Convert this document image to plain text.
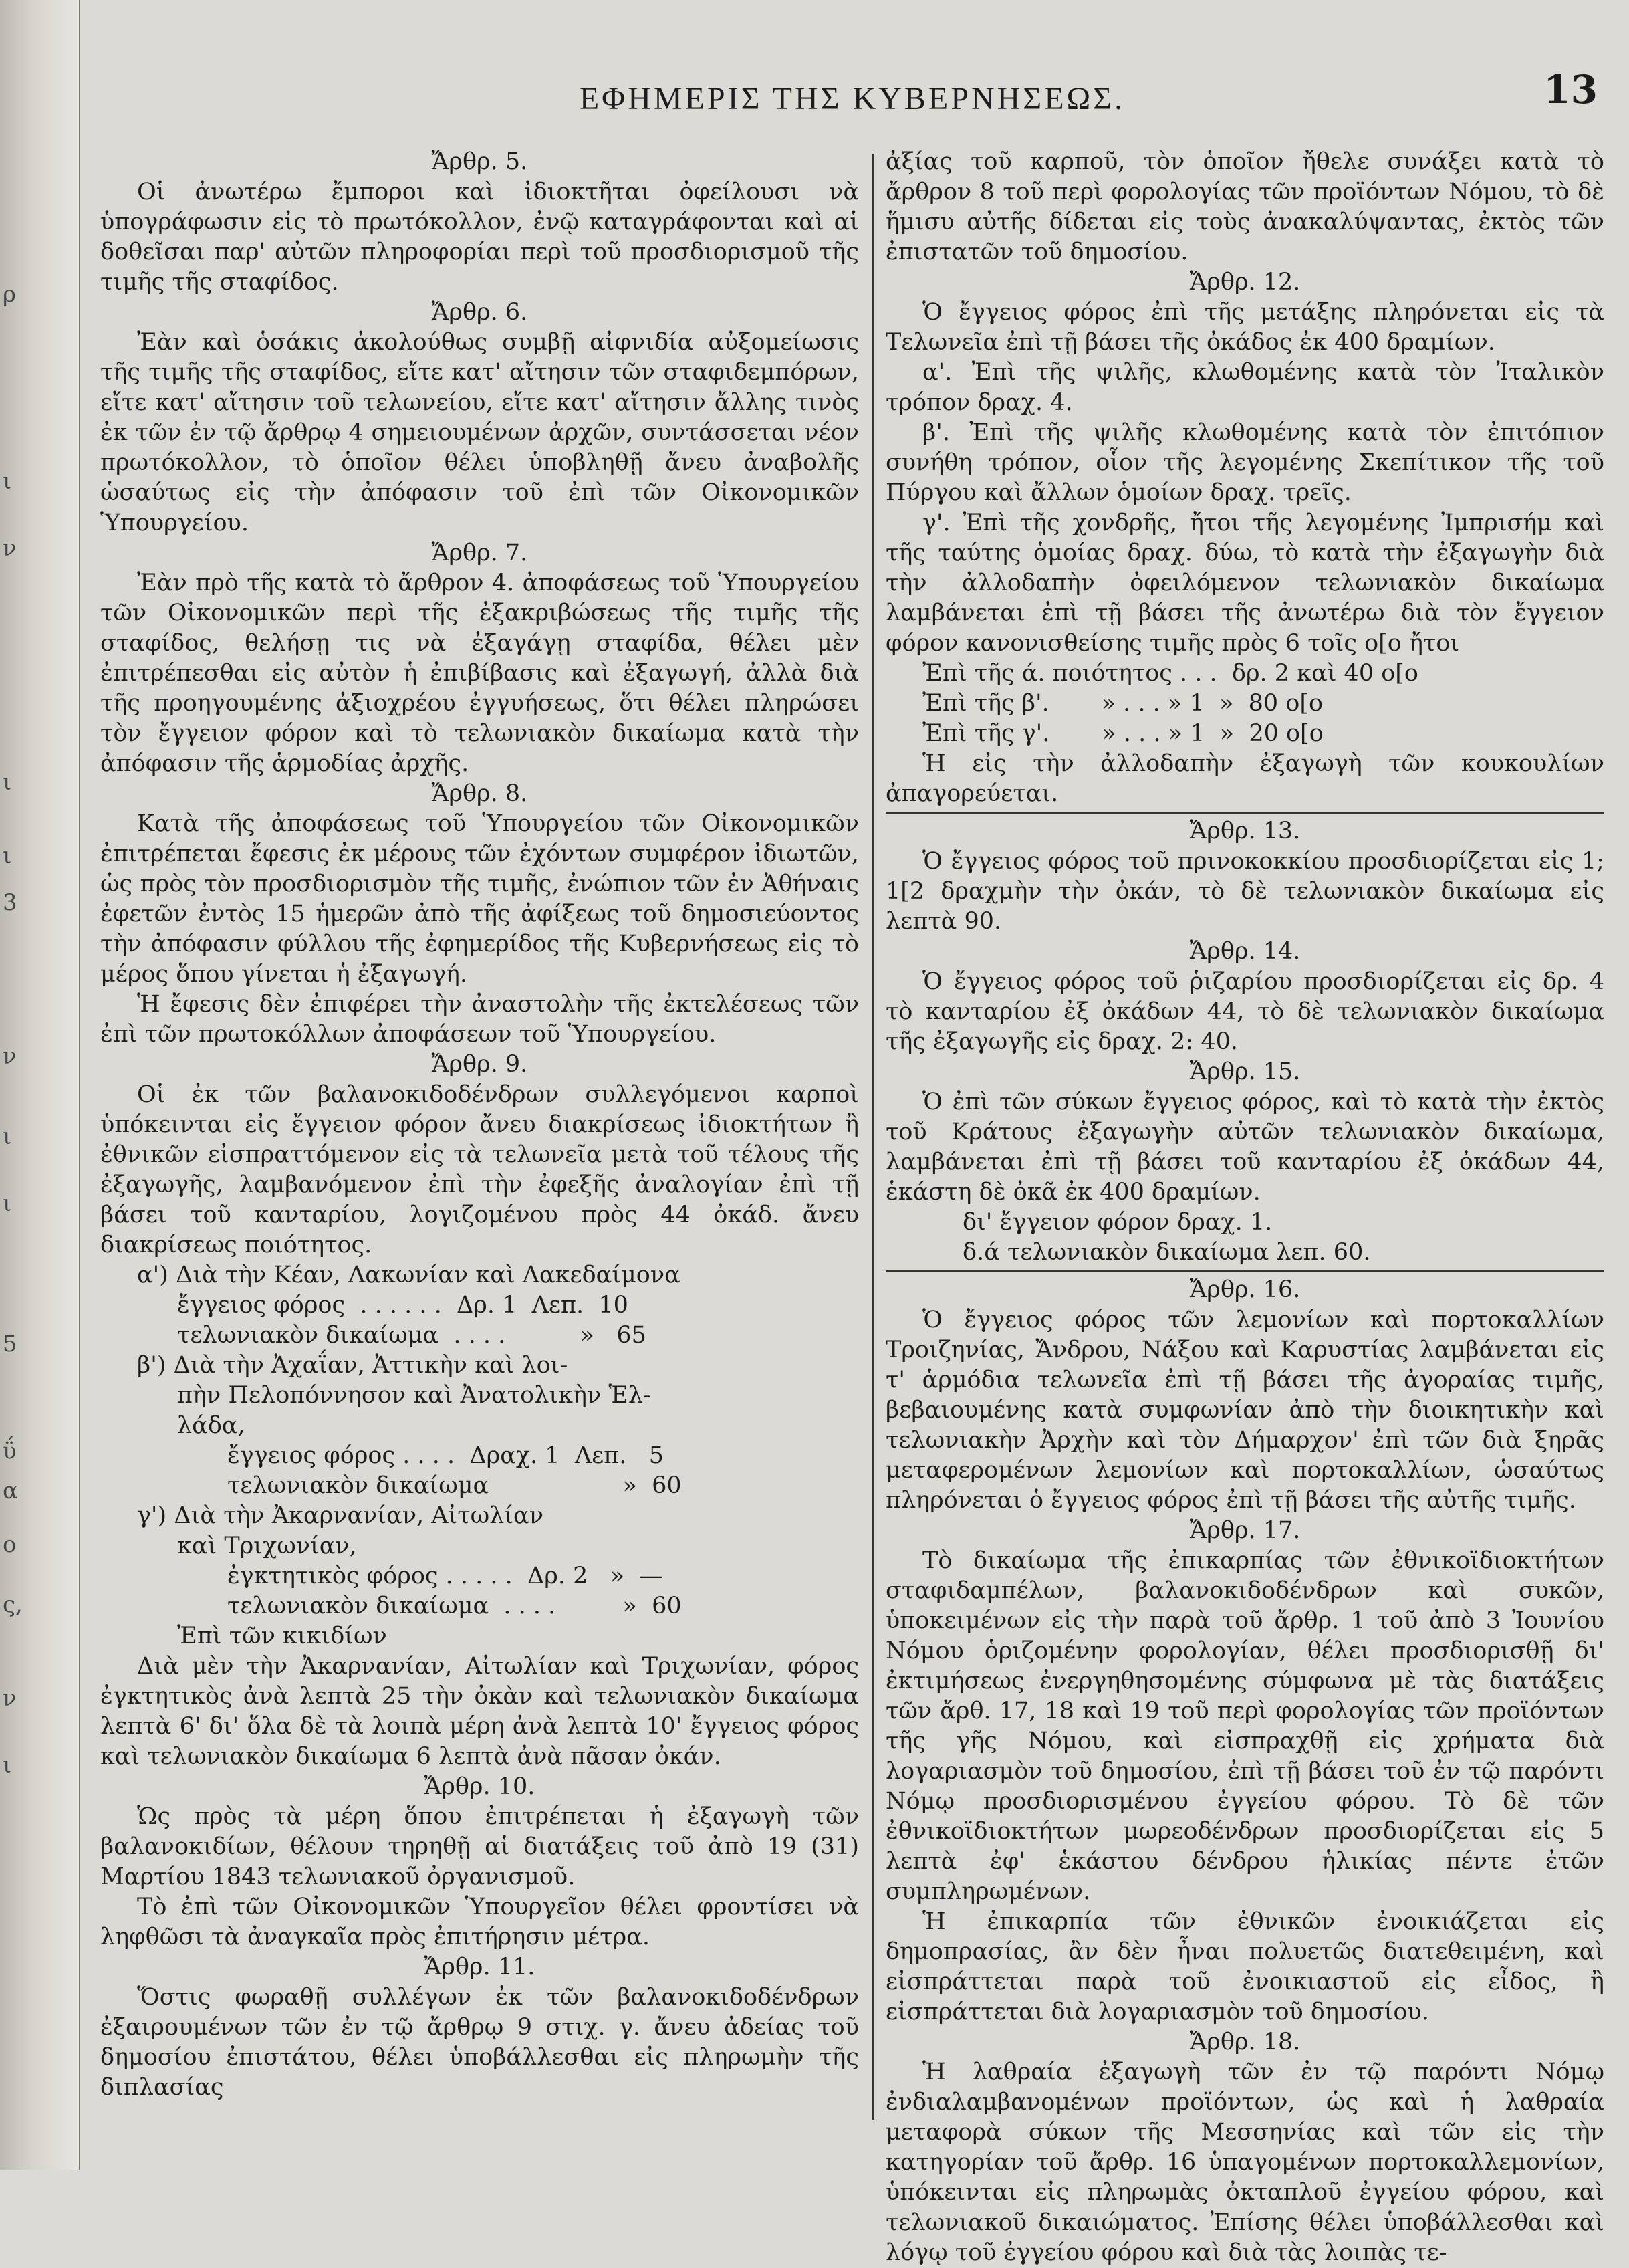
ρ
ι
ν
ι
ι
3
ν
ι
ι
5
ΰ
α
ο
ς,
ν
ι
ΕΦΗΜΕΡΙΣ ΤΗΣ ΚΥΒΕΡΝΗΣΕΩΣ.	13

Ἄρθρ. 5.

Οἱ ἀνωτέρω ἔμποροι καὶ ἰδιοκτῆται ὀφείλουσι νὰ ὑπογράφωσιν εἰς τὸ πρωτόκολλον, ἐνῷ καταγράφονται καὶ αἱ δοθεῖσαι παρ' αὐτῶν πληροφορίαι περὶ τοῦ προσδιορισμοῦ τῆς τιμῆς τῆς σταφίδος.

Ἄρθρ. 6.

Ἐὰν καὶ ὁσάκις ἀκολούθως συμβῇ αἰφνιδία αὐξομείωσις τῆς τιμῆς τῆς σταφίδος, εἴτε κατ' αἴτησιν τῶν σταφιδεμπόρων, εἴτε κατ' αἴτησιν τοῦ τελωνείου, εἴτε κατ' αἴτησιν ἄλλης τινὸς ἐκ τῶν ἐν τῷ ἄρθρῳ 4 σημειουμένων ἀρχῶν, συντάσσεται νέον πρωτόκολλον, τὸ ὁποῖον θέλει ὑποβληθῇ ἄνευ ἀναβολῆς ὡσαύτως εἰς τὴν ἀπόφασιν τοῦ ἐπὶ τῶν Οἰκονομικῶν Ὑπουργείου.

Ἄρθρ. 7.

Ἐὰν πρὸ τῆς κατὰ τὸ ἄρθρον 4. ἀποφάσεως τοῦ Ὑπουργείου τῶν Οἰκονομικῶν περὶ τῆς ἐξακριβώσεως τῆς τιμῆς τῆς σταφίδος, θελήσῃ τις νὰ ἐξαγάγῃ σταφίδα, θέλει μὲν ἐπιτρέπεσθαι εἰς αὐτὸν ἡ ἐπιβίβασις καὶ ἐξαγωγή, ἀλλὰ διὰ τῆς προηγουμένης ἀξιοχρέου ἐγγυήσεως, ὅτι θέλει πληρώσει τὸν ἔγγειον φόρον καὶ τὸ τελωνιακὸν δικαίωμα κατὰ τὴν ἀπόφασιν τῆς ἁρμοδίας ἀρχῆς.

Ἄρθρ. 8.

Κατὰ τῆς ἀποφάσεως τοῦ Ὑπουργείου τῶν Οἰκονομικῶν ἐπιτρέπεται ἔφεσις ἐκ μέρους τῶν ἐχόντων συμφέρον ἰδιωτῶν, ὡς πρὸς τὸν προσδιορισμὸν τῆς τιμῆς, ἐνώπιον τῶν ἐν Ἀθήναις ἐφετῶν ἐντὸς 15 ἡμερῶν ἀπὸ τῆς ἀφίξεως τοῦ δημοσιεύοντος τὴν ἀπόφασιν φύλλου τῆς ἐφημερίδος τῆς Κυβερνήσεως εἰς τὸ μέρος ὅπου γίνεται ἡ ἐξαγωγή.

Ἡ ἔφεσις δὲν ἐπιφέρει τὴν ἀναστολὴν τῆς ἐκτελέσεως τῶν ἐπὶ τῶν πρωτοκόλλων ἀποφάσεων τοῦ Ὑπουργείου.

Ἄρθρ. 9.

Οἱ ἐκ τῶν βαλανοκιδοδένδρων συλλεγόμενοι καρποὶ ὑπόκεινται εἰς ἔγγειον φόρον ἄνευ διακρίσεως ἰδιοκτήτων ἢ ἐθνικῶν εἰσπραττόμενον εἰς τὰ τελωνεῖα μετὰ τοῦ τέλους τῆς ἐξαγωγῆς, λαμβανόμενον ἐπὶ τὴν ἐφεξῆς ἀναλογίαν ἐπὶ τῇ βάσει τοῦ κανταρίου, λογιζομένου πρὸς 44 ὀκάδ. ἄνευ διακρίσεως ποιότητος.

α') Διὰ τὴν Κέαν, Λακωνίαν καὶ Λακεδαίμονα

ἔγγειος φόρος  . . . . . .  Δρ. 1  Λεπ.  10

τελωνιακὸν δικαίωμα  . . . .          »   65

β') Διὰ τὴν Ἀχαΐαν, Ἀττικὴν καὶ λοι-

πὴν Πελοπόννησον καὶ Ἀνατολικὴν Ἑλ-

λάδα,

ἔγγειος φόρος . . . .  Δραχ. 1  Λεπ.   5

τελωνιακὸν δικαίωμα                  »  60

γ') Διὰ τὴν Ἀκαρνανίαν, Αἰτωλίαν

καὶ Τριχωνίαν,

ἐγκτητικὸς φόρος . . . . .  Δρ. 2   »  —

τελωνιακὸν δικαίωμα  . . . .         »  60

Ἐπὶ τῶν κικιδίων

Διὰ μὲν τὴν Ἀκαρνανίαν, Αἰτωλίαν καὶ Τριχωνίαν, φόρος ἐγκτητικὸς ἀνὰ λεπτὰ 25 τὴν ὀκὰν καὶ τελωνιακὸν δικαίωμα λεπτὰ 6' δι' ὅλα δὲ τὰ λοιπὰ μέρη ἀνὰ λεπτὰ 10' ἔγγειος φόρος καὶ τελωνιακὸν δικαίωμα 6 λεπτὰ ἀνὰ πᾶσαν ὀκάν.

Ἄρθρ. 10.

Ὡς πρὸς τὰ μέρη ὅπου ἐπιτρέπεται ἡ ἐξαγωγὴ τῶν βαλανοκιδίων, θέλουν τηρηθῇ αἱ διατάξεις τοῦ ἀπὸ 19 (31) Μαρτίου 1843 τελωνιακοῦ ὀργανισμοῦ.

Τὸ ἐπὶ τῶν Οἰκονομικῶν Ὑπουργεῖον θέλει φροντίσει νὰ ληφθῶσι τὰ ἀναγκαῖα πρὸς ἐπιτήρησιν μέτρα.

Ἄρθρ. 11.

Ὅστις φωραθῇ συλλέγων ἐκ τῶν βαλανοκιδοδένδρων ἐξαιρουμένων τῶν ἐν τῷ ἄρθρῳ 9 στιχ. γ. ἄνευ ἀδείας τοῦ δημοσίου ἐπιστάτου, θέλει ὑποβάλλεσθαι εἰς πληρωμὴν τῆς διπλασίας

ἀξίας τοῦ καρποῦ, τὸν ὁποῖον ἤθελε συνάξει κατὰ τὸ ἄρθρον 8 τοῦ περὶ φορολογίας τῶν προϊόντων Νόμου, τὸ δὲ ἥμισυ αὐτῆς δίδεται εἰς τοὺς ἀνακαλύψαντας, ἐκτὸς τῶν ἐπιστατῶν τοῦ δημοσίου.

Ἄρθρ. 12.

Ὁ ἔγγειος φόρος ἐπὶ τῆς μετάξης πληρόνεται εἰς τὰ Τελωνεῖα ἐπὶ τῇ βάσει τῆς ὀκάδος ἐκ 400 δραμίων.

α'. Ἐπὶ τῆς ψιλῆς, κλωθομένης κατὰ τὸν Ἰταλικὸν τρόπον δραχ. 4.

β'. Ἐπὶ τῆς ψιλῆς κλωθομένης κατὰ τὸν ἐπιτόπιον συνήθη τρόπον, οἷον τῆς λεγομένης Σκεπίτικον τῆς τοῦ Πύργου καὶ ἄλλων ὁμοίων δραχ. τρεῖς.

γ'. Ἐπὶ τῆς χονδρῆς, ἤτοι τῆς λεγομένης Ἰμπρισήμ καὶ τῆς ταύτης ὁμοίας δραχ. δύω, τὸ κατὰ τὴν ἐξαγωγὴν διὰ τὴν ἀλλοδαπὴν ὀφειλόμενον τελωνιακὸν δικαίωμα λαμβάνεται ἐπὶ τῇ βάσει τῆς ἀνωτέρω διὰ τὸν ἔγγειον φόρον κανονισθείσης τιμῆς πρὸς 6 τοῖς ο[ο ἤτοι

Ἐπὶ τῆς ά. ποιότητος . . .  δρ. 2 καὶ 40 ο[ο

Ἐπὶ τῆς β'.       » . . . » 1  »  80 ο[ο

Ἐπὶ τῆς γ'.       » . . . » 1  »  20 ο[ο

Ἡ εἰς τὴν ἀλλοδαπὴν ἐξαγωγὴ τῶν κουκουλίων ἀπαγορεύεται.

Ἄρθρ. 13.

Ὁ ἔγγειος φόρος τοῦ πρινοκοκκίου προσδιορίζεται εἰς 1; 1[2 δραχμὴν τὴν ὀκάν, τὸ δὲ τελωνιακὸν δικαίωμα εἰς λεπτὰ 90.

Ἄρθρ. 14.

Ὁ ἔγγειος φόρος τοῦ ῥιζαρίου προσδιορίζεται εἰς δρ. 4 τὸ κανταρίου ἐξ ὀκάδων 44, τὸ δὲ τελωνιακὸν δικαίωμα τῆς ἐξαγωγῆς εἰς δραχ. 2: 40.

Ἄρθρ. 15.

Ὁ ἐπὶ τῶν σύκων ἔγγειος φόρος, καὶ τὸ κατὰ τὴν ἐκτὸς τοῦ Κράτους ἐξαγωγὴν αὐτῶν τελωνιακὸν δικαίωμα, λαμβάνεται ἐπὶ τῇ βάσει τοῦ κανταρίου ἐξ ὀκάδων 44, ἑκάστη δὲ ὀκᾶ ἐκ 400 δραμίων.

δι' ἔγγειον φόρον δραχ. 1.

δ.ά τελωνιακὸν δικαίωμα λεπ. 60.

Ἄρθρ. 16.

Ὁ ἔγγειος φόρος τῶν λεμονίων καὶ πορτοκαλλίων Τροιζηνίας, Ἄνδρου, Νάξου καὶ Καρυστίας λαμβάνεται εἰς τ' ἁρμόδια τελωνεῖα ἐπὶ τῇ βάσει τῆς ἀγοραίας τιμῆς, βεβαιουμένης κατὰ συμφωνίαν ἀπὸ τὴν διοικητικὴν καὶ τελωνιακὴν Ἀρχὴν καὶ τὸν Δήμαρχον' ἐπὶ τῶν διὰ ξηρᾶς μεταφερομένων λεμονίων καὶ πορτοκαλλίων, ὡσαύτως πληρόνεται ὁ ἔγγειος φόρος ἐπὶ τῇ βάσει τῆς αὐτῆς τιμῆς.

Ἄρθρ. 17.

Τὸ δικαίωμα τῆς ἐπικαρπίας τῶν ἐθνικοϊδιοκτήτων σταφιδαμπέλων, βαλανοκιδοδένδρων καὶ συκῶν, ὑποκειμένων εἰς τὴν παρὰ τοῦ ἄρθρ. 1 τοῦ ἀπὸ 3 Ἰουνίου Νόμου ὁριζομένην φορολογίαν, θέλει προσδιορισθῇ δι' ἐκτιμήσεως ἐνεργηθησομένης σύμφωνα μὲ τὰς διατάξεις τῶν ἄρθ. 17, 18 καὶ 19 τοῦ περὶ φορολογίας τῶν προϊόντων τῆς γῆς Νόμου, καὶ εἰσπραχθῇ εἰς χρήματα διὰ λογαριασμὸν τοῦ δημοσίου, ἐπὶ τῇ βάσει τοῦ ἐν τῷ παρόντι Νόμῳ προσδιορισμένου ἐγγείου φόρου. Τὸ δὲ τῶν ἐθνικοϊδιοκτήτων μωρεοδένδρων προσδιορίζεται εἰς 5 λεπτὰ ἐφ' ἑκάστου δένδρου ἡλικίας πέντε ἐτῶν συμπληρωμένων.

Ἡ ἐπικαρπία τῶν ἐθνικῶν ἐνοικιάζεται εἰς δημοπρασίας, ἂν δὲν ἦναι πολυετῶς διατεθειμένη, καὶ εἰσπράττεται παρὰ τοῦ ἐνοικιαστοῦ εἰς εἶδος, ἢ εἰσπράττεται διὰ λογαριασμὸν τοῦ δημοσίου.

Ἄρθρ. 18.

Ἡ λαθραία ἐξαγωγὴ τῶν ἐν τῷ παρόντι Νόμῳ ἐνδιαλαμβανομένων προϊόντων, ὡς καὶ ἡ λαθραία μεταφορὰ σύκων τῆς Μεσσηνίας καὶ τῶν εἰς τὴν κατηγορίαν τοῦ ἄρθρ. 16 ὑπαγομένων πορτοκαλλεμονίων, ὑπόκεινται εἰς πληρωμὰς ὀκταπλοῦ ἐγγείου φόρου, καὶ τελωνιακοῦ δικαιώματος. Ἐπίσης θέλει ὑποβάλλεσθαι καὶ λόγῳ τοῦ ἐγγείου φόρου καὶ διὰ τὰς λοιπὰς τε-
